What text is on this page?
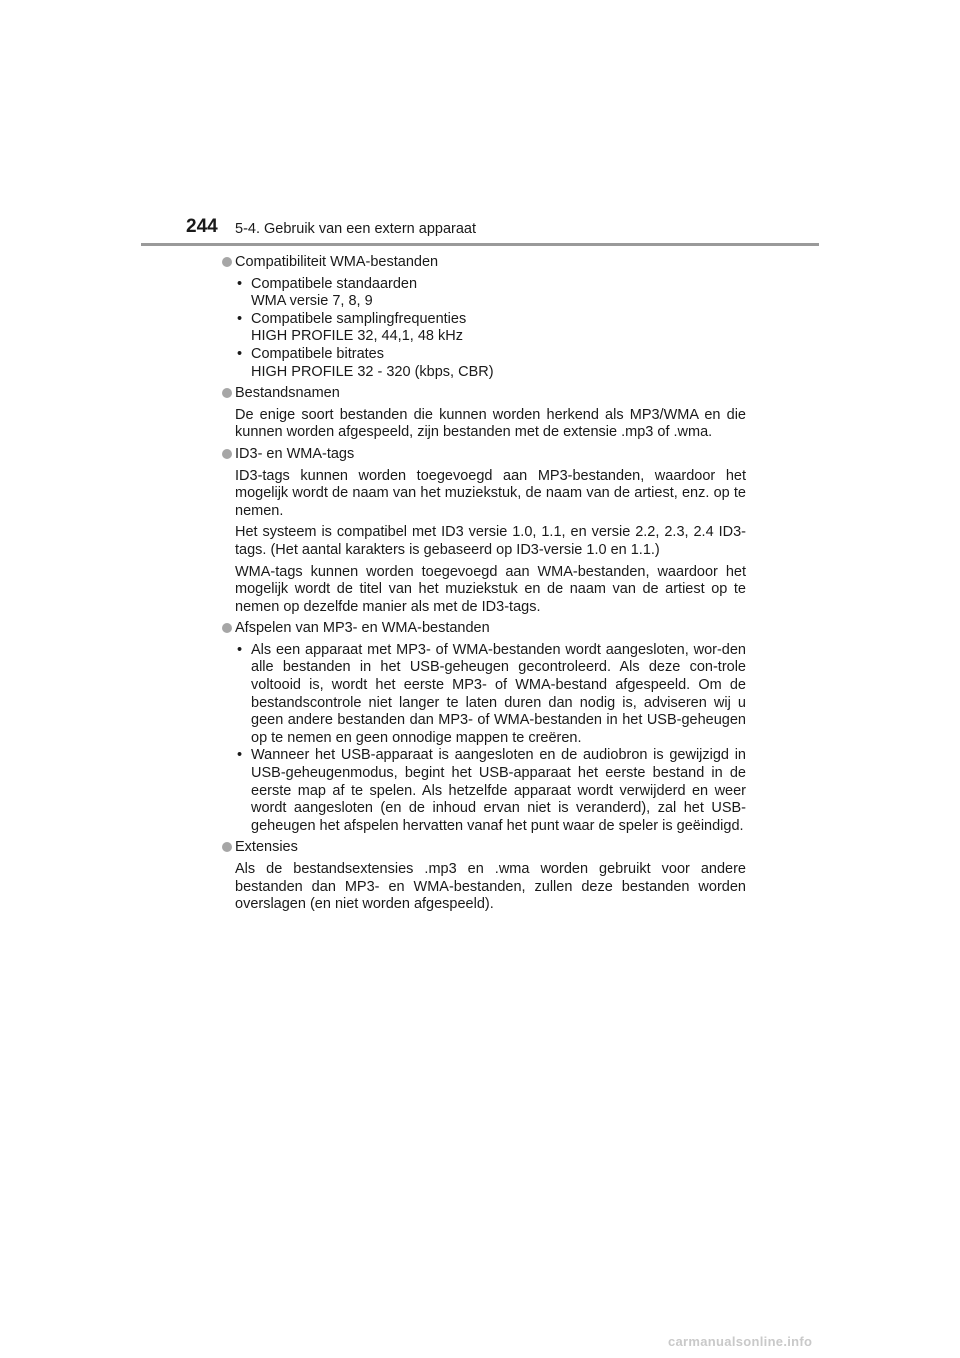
244 5-4. Gebruik van een extern apparaat
Compatibiliteit WMA-bestanden
• Compatibele standaarden
WMA versie 7, 8, 9
• Compatibele samplingfrequenties
HIGH PROFILE 32, 44,1, 48 kHz
• Compatibele bitrates
HIGH PROFILE 32 - 320 (kbps, CBR)
Bestandsnamen

De enige soort bestanden die kunnen worden herkend als MP3/WMA en die kunnen worden afgespeeld, zijn bestanden met de extensie .mp3 of .wma.

ID3- en WMA-tags

ID3-tags kunnen worden toegevoegd aan MP3-bestanden, waardoor het mogelijk wordt de naam van het muziekstuk, de naam van de artiest, enz. op te nemen.

Het systeem is compatibel met ID3 versie 1.0, 1.1, en versie 2.2, 2.3, 2.4 ID3-tags. (Het aantal karakters is gebaseerd op ID3-versie 1.0 en 1.1.)

WMA-tags kunnen worden toegevoegd aan WMA-bestanden, waardoor het mogelijk wordt de titel van het muziekstuk en de naam van de artiest op te nemen op dezelfde manier als met de ID3-tags.

Afspelen van MP3- en WMA-bestanden
• Als een apparaat met MP3- of WMA-bestanden wordt aangesloten, wor-den alle bestanden in het USB-geheugen gecontroleerd. Als deze con-trole voltooid is, wordt het eerste MP3- of WMA-bestand afgespeeld. Om de bestandscontrole niet langer te laten duren dan nodig is, adviseren wij u geen andere bestanden dan MP3- of WMA-bestanden in het USB-geheugen op te nemen en geen onnodige mappen te creëren.
• Wanneer het USB-apparaat is aangesloten en de audiobron is gewijzigd in USB-geheugenmodus, begint het USB-apparaat het eerste bestand in de eerste map af te spelen. Als hetzelfde apparaat wordt verwijderd en weer wordt aangesloten (en de inhoud ervan niet is veranderd), zal het USB-geheugen het afspelen hervatten vanaf het punt waar de speler is geëindigd.
Extensies

Als de bestandsextensies .mp3 en .wma worden gebruikt voor andere bestanden dan MP3- en WMA-bestanden, zullen deze bestanden worden overslagen (en niet worden afgespeeld).

carmanualsonline.info
